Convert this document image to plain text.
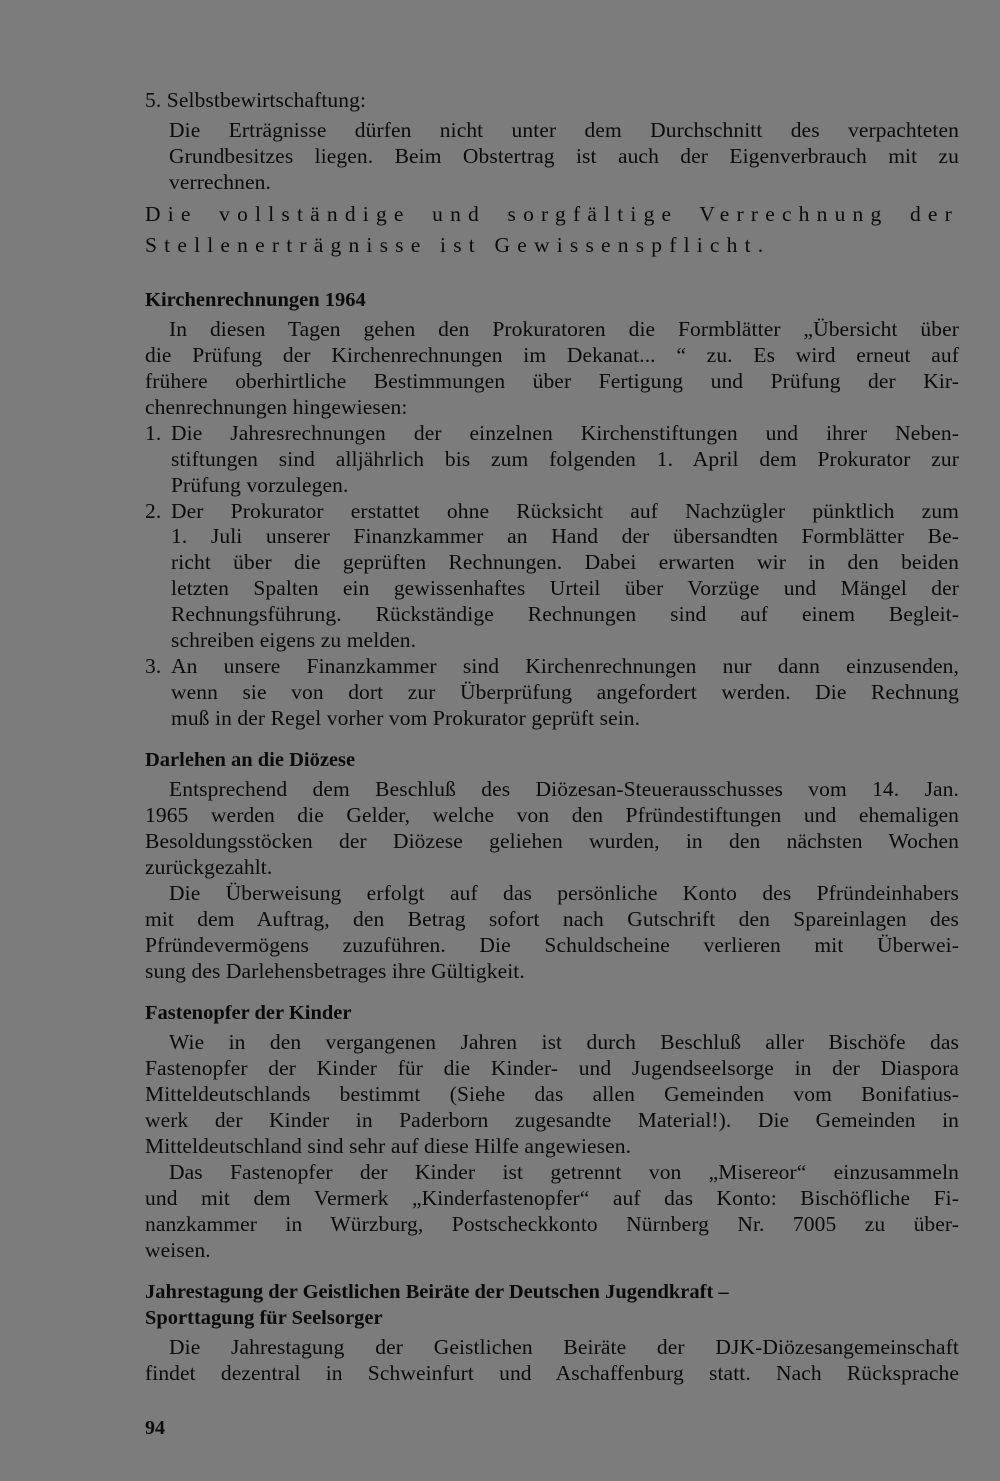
5. Selbstbewirtschaftung:
Die Erträgnisse dürfen nicht unter dem Durchschnitt des verpachteten
Grundbesitzes liegen. Beim Obstertrag ist auch der Eigenverbrauch mit zu
verrechnen.
Die vollständige und sorgfältige Verrechnung der
Stellenerträgnisse ist Gewissenspflicht.
Kirchenrechnungen 1964
In diesen Tagen gehen den Prokuratoren die Formblätter „Übersicht über
die Prüfung der Kirchenrechnungen im Dekanat... “ zu. Es wird erneut auf
frühere oberhirtliche Bestimmungen über Fertigung und Prüfung der Kir-
chenrechnungen hingewiesen:
1. Die Jahresrechnungen der einzelnen Kirchenstiftungen und ihrer Neben-
stiftungen sind alljährlich bis zum folgenden 1. April dem Prokurator zur
Prüfung vorzulegen.
2. Der Prokurator erstattet ohne Rücksicht auf Nachzügler pünktlich zum
1. Juli unserer Finanzkammer an Hand der übersandten Formblätter Be-
richt über die geprüften Rechnungen. Dabei erwarten wir in den beiden
letzten Spalten ein gewissenhaftes Urteil über Vorzüge und Mängel der
Rechnungsführung. Rückständige Rechnungen sind auf einem Begleit-
schreiben eigens zu melden.
3. An unsere Finanzkammer sind Kirchenrechnungen nur dann einzusenden,
wenn sie von dort zur Überprüfung angefordert werden. Die Rechnung
muß in der Regel vorher vom Prokurator geprüft sein.
Darlehen an die Diözese
Entsprechend dem Beschluß des Diözesan-Steuerausschusses vom 14. Jan.
1965 werden die Gelder, welche von den Pfründestiftungen und ehemaligen
Besoldungsstöcken der Diözese geliehen wurden, in den nächsten Wochen
zurückgezahlt.
Die Überweisung erfolgt auf das persönliche Konto des Pfründeinhabers
mit dem Auftrag, den Betrag sofort nach Gutschrift den Spareinlagen des
Pfründevermögens zuzuführen. Die Schuldscheine verlieren mit Überwei-
sung des Darlehensbetrages ihre Gültigkeit.
Fastenopfer der Kinder
Wie in den vergangenen Jahren ist durch Beschluß aller Bischöfe das
Fastenopfer der Kinder für die Kinder- und Jugendseelsorge in der Diaspora
Mitteldeutschlands bestimmt (Siehe das allen Gemeinden vom Bonifatius-
werk der Kinder in Paderborn zugesandte Material!). Die Gemeinden in
Mitteldeutschland sind sehr auf diese Hilfe angewiesen.
Das Fastenopfer der Kinder ist getrennt von „Misereor“ einzusammeln
und mit dem Vermerk „Kinderfastenopfer“ auf das Konto: Bischöfliche Fi-
nanzkammer in Würzburg, Postscheckkonto Nürnberg Nr. 7005 zu über-
weisen.
Jahrestagung der Geistlichen Beiräte der Deutschen Jugendkraft –
Sporttagung für Seelsorger
Die Jahrestagung der Geistlichen Beiräte der DJK-Diözesangemeinschaft
findet dezentral in Schweinfurt und Aschaffenburg statt. Nach Rücksprache
94
